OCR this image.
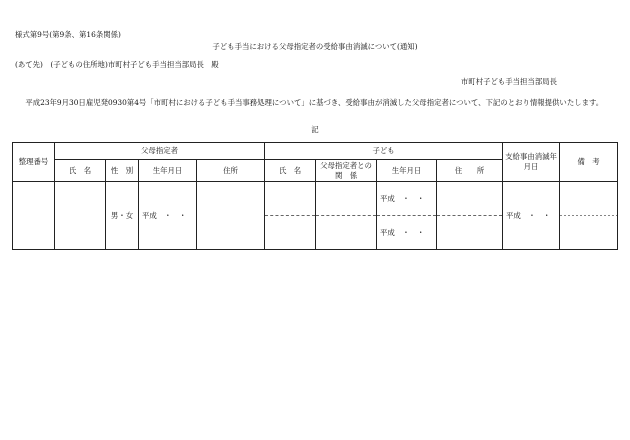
様式第9号(第9条、第16条関係)
子ども手当における父母指定者の受給事由消滅について(通知)
(あて先)　(子どもの住所地)市町村子ども手当担当部局長　殿
市町村子ども手当担当部局長
平成23年9月30日雇児発0930第4号「市町村における子ども手当事務処理について」に基づき、受給事由が消滅した父母指定者について、下記のとおり情報提供いたします。
記
整理番号	父母指定者				子ども				支給事由消滅年月日	備　考
	氏　名	性　別	生年月日	住所	氏　名	父母指定者との　関　係	生年月日	住　　所		
		男・女	平成　・　・				平成　・　・		平成　・　・	
							平成　・　・			
